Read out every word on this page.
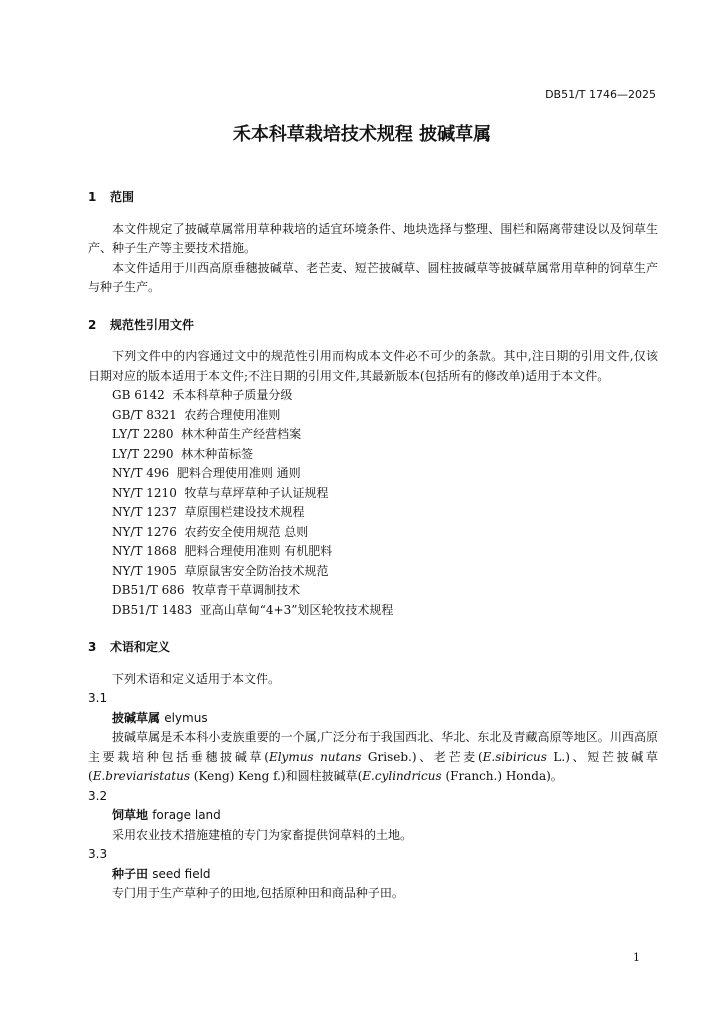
DB51/T 1746—2025
禾本科草栽培技术规程 披碱草属

1 范围

本文件规定了披碱草属常用草种栽培的适宜环境条件、地块选择与整理、围栏和隔离带建设以及饲草生产、种子生产等主要技术措施。

本文件适用于川西高原垂穗披碱草、老芒麦、短芒披碱草、圆柱披碱草等披碱草属常用草种的饲草生产与种子生产。

2 规范性引用文件

下列文件中的内容通过文中的规范性引用而构成本文件必不可少的条款。其中,注日期的引用文件,仅该日期对应的版本适用于本文件;不注日期的引用文件,其最新版本(包括所有的修改单)适用于本文件。

GB 6142  禾本科草种子质量分级

GB/T 8321  农药合理使用准则

LY/T 2280  林木种苗生产经营档案

LY/T 2290  林木种苗标签

NY/T 496  肥料合理使用准则 通则

NY/T 1210  牧草与草坪草种子认证规程

NY/T 1237  草原围栏建设技术规程

NY/T 1276  农药安全使用规范 总则

NY/T 1868  肥料合理使用准则 有机肥料

NY/T 1905  草原鼠害安全防治技术规范

DB51/T 686  牧草青干草调制技术

DB51/T 1483  亚高山草甸“4+3”划区轮牧技术规程

3 术语和定义

下列术语和定义适用于本文件。

3.1

披碱草属 elymus

披碱草属是禾本科小麦族重要的一个属,广泛分布于我国西北、华北、东北及青藏高原等地区。川西高原主要栽培种包括垂穗披碱草(Elymus nutans Griseb.)、老芒麦(E.sibiricus L.)、短芒披碱草(E.breviaristatus (Keng) Keng f.)和圆柱披碱草(E.cylindricus (Franch.) Honda)。

3.2

饲草地 forage land

采用农业技术措施建植的专门为家畜提供饲草料的土地。

3.3

种子田 seed field

专门用于生产草种子的田地,包括原种田和商品种子田。

1
